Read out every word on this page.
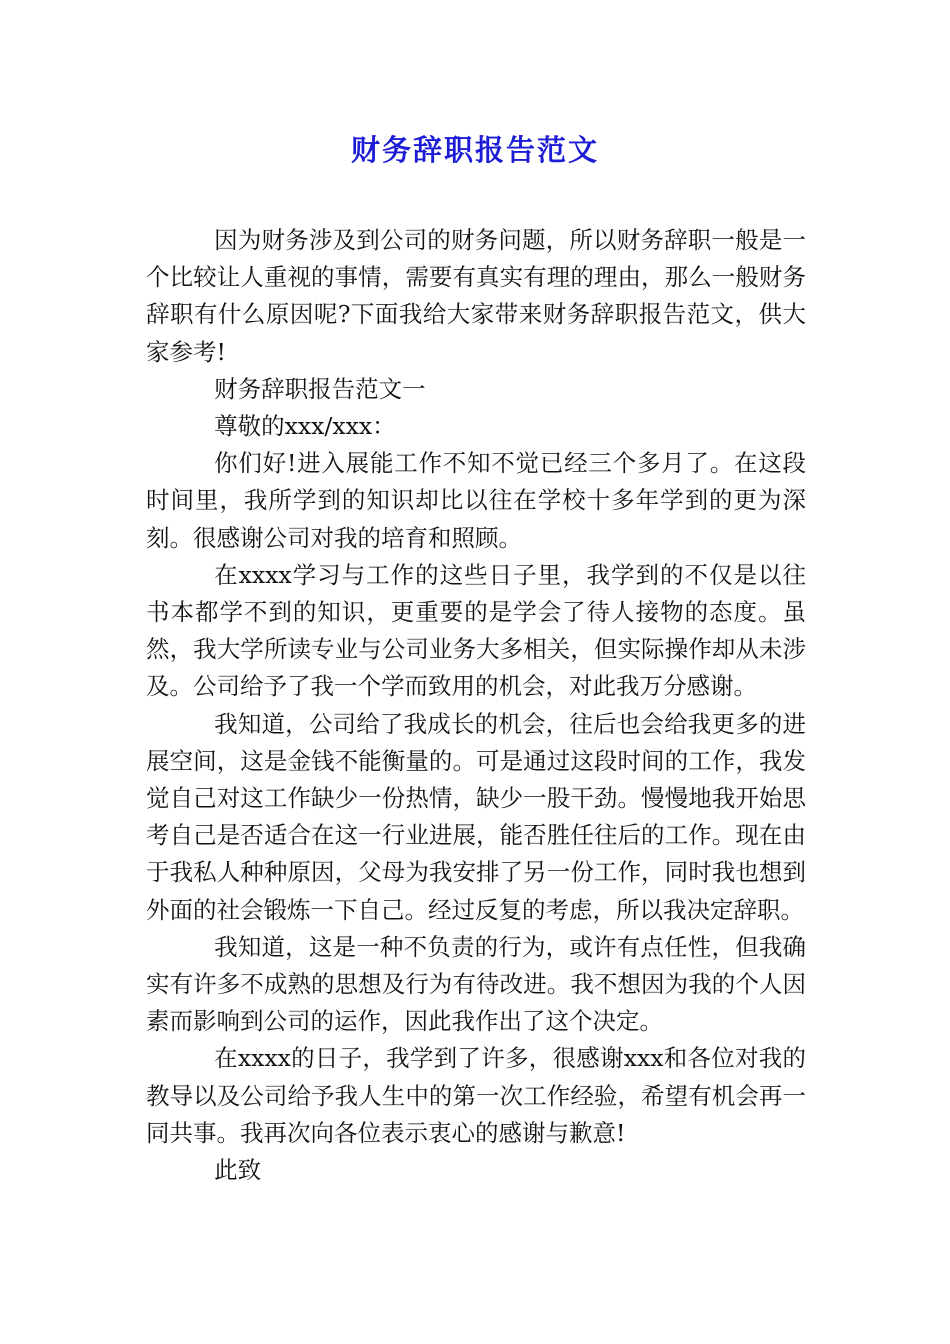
财务辞职报告范文

因为财务涉及到公司的财务问题，所以财务辞职一般是一个比较让人重视的事情，需要有真实有理的理由，那么一般财务辞职有什么原因呢?下面我给大家带来财务辞职报告范文，供大家参考!

财务辞职报告范文一

尊敬的xxx/xxx：

你们好!进入展能工作不知不觉已经三个多月了。在这段时间里，我所学到的知识却比以往在学校十多年学到的更为深刻。很感谢公司对我的培育和照顾。

在xxxx学习与工作的这些日子里，我学到的不仅是以往书本都学不到的知识，更重要的是学会了待人接物的态度。虽然，我大学所读专业与公司业务大多相关，但实际操作却从未涉及。公司给予了我一个学而致用的机会，对此我万分感谢。

我知道，公司给了我成长的机会，往后也会给我更多的进展空间，这是金钱不能衡量的。可是通过这段时间的工作，我发觉自己对这工作缺少一份热情，缺少一股干劲。慢慢地我开始思考自己是否适合在这一行业进展，能否胜任往后的工作。现在由于我私人种种原因，父母为我安排了另一份工作，同时我也想到外面的社会锻炼一下自己。经过反复的考虑，所以我决定辞职。

我知道，这是一种不负责的行为，或许有点任性，但我确实有许多不成熟的思想及行为有待改进。我不想因为我的个人因素而影响到公司的运作，因此我作出了这个决定。

在xxxx的日子，我学到了许多，很感谢xxx和各位对我的教导以及公司给予我人生中的第一次工作经验，希望有机会再一同共事。我再次向各位表示衷心的感谢与歉意!

此致
